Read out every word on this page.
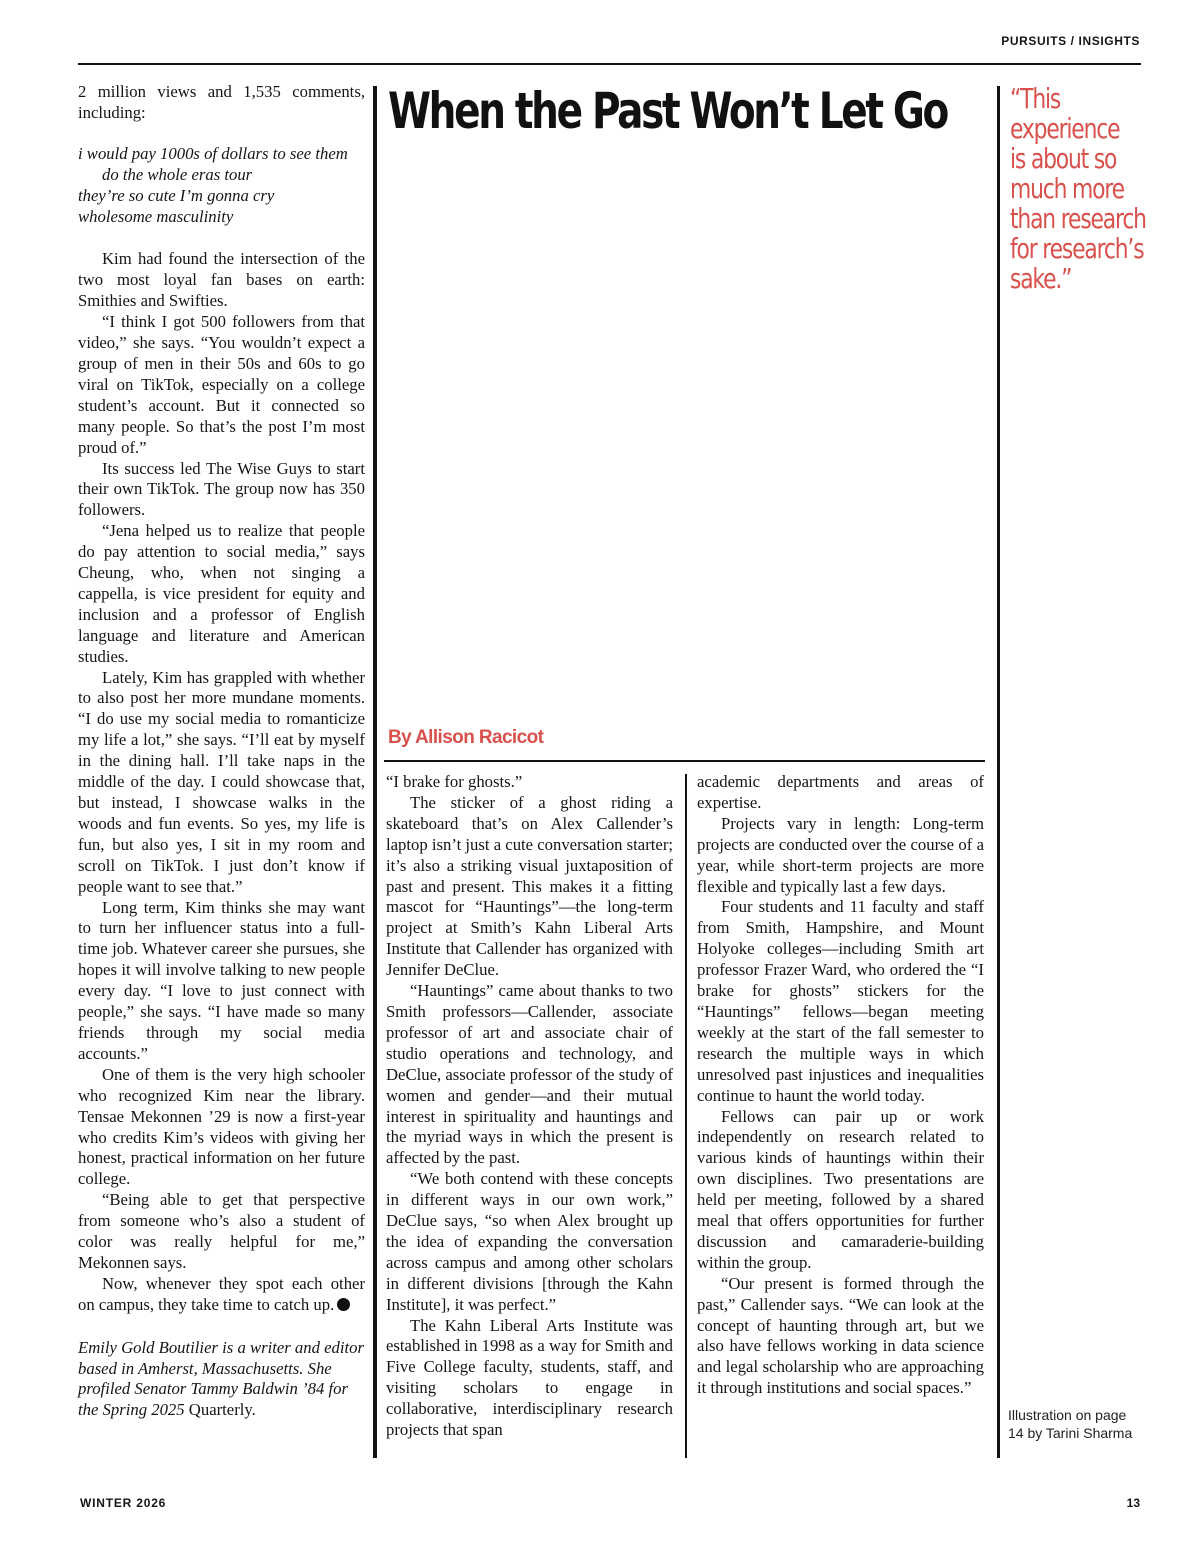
PURSUITS / INSIGHTS

2 million views and 1,535 comments, including:

i would pay 1000s of dollars to see them
do the whole eras tour
they’re so cute I’m gonna cry
wholesome masculinity

Kim had found the intersection of the two most loyal fan bases on earth: Smithies and Swifties.

“I think I got 500 followers from that video,” she says. “You wouldn’t expect a group of men in their 50s and 60s to go viral on TikTok, especially on a college student’s account. But it connected so many people. So that’s the post I’m most proud of.”

Its success led The Wise Guys to start their own TikTok. The group now has 350 followers.

“Jena helped us to realize that people do pay attention to social media,” says Cheung, who, when not singing a cappella, is vice president for equity and inclusion and a professor of English language and literature and American studies.

Lately, Kim has grappled with whether to also post her more mundane moments. “I do use my social media to romanticize my life a lot,” she says. “I’ll eat by myself in the dining hall. I’ll take naps in the middle of the day. I could showcase that, but instead, I showcase walks in the woods and fun events. So yes, my life is fun, but also yes, I sit in my room and scroll on TikTok. I just don’t know if people want to see that.”

Long term, Kim thinks she may want to turn her influencer status into a full-time job. Whatever career she pursues, she hopes it will involve talking to new people every day. “I love to just connect with people,” she says. “I have made so many friends through my social media accounts.”

One of them is the very high schooler who recognized Kim near the library. Tensae Mekonnen ’29 is now a first-year who credits Kim’s videos with giving her honest, practical information on her future college.

“Being able to get that perspective from someone who’s also a student of color was really helpful for me,” Mekonnen says.

Now, whenever they spot each other on campus, they take time to catch up.

Emily Gold Boutilier is a writer and editor based in Amherst, Massachusetts. She profiled Senator Tammy Baldwin ’84 for the Spring 2025 Quarterly.

When the Past Won’t Let Go
By Allison Racicot

“I brake for ghosts.”

The sticker of a ghost riding a skateboard that’s on Alex Callender’s laptop isn’t just a cute conversation starter; it’s also a striking visual juxtaposition of past and present. This makes it a fitting mascot for “Hauntings”—the long-term project at Smith’s Kahn Liberal Arts Institute that Callender has organized with Jennifer DeClue.

“Hauntings” came about thanks to two Smith professors—Callender, associate professor of art and associate chair of studio operations and technology, and DeClue, associate professor of the study of women and gender—and their mutual interest in spirituality and hauntings and the myriad ways in which the present is affected by the past.

“We both contend with these concepts in different ways in our own work,” DeClue says, “so when Alex brought up the idea of expanding the conversation across campus and among other scholars in different divisions [through the Kahn Institute], it was perfect.”

The Kahn Liberal Arts Institute was established in 1998 as a way for Smith and Five College faculty, students, staff, and visiting scholars to engage in collaborative, interdisciplinary research projects that span

academic departments and areas of expertise.

Projects vary in length: Long-term projects are conducted over the course of a year, while short-term projects are more flexible and typically last a few days.

Four students and 11 faculty and staff from Smith, Hampshire, and Mount Holyoke colleges—including Smith art professor Frazer Ward, who ordered the “I brake for ghosts” stickers for the “Hauntings” fellows—began meeting weekly at the start of the fall semester to research the multiple ways in which unresolved past injustices and inequalities continue to haunt the world today.

Fellows can pair up or work independently on research related to various kinds of hauntings within their own disciplines. Two presentations are held per meeting, followed by a shared meal that offers opportunities for further discussion and camaraderie-building within the group.

“Our present is formed through the past,” Callender says. “We can look at the concept of haunting through art, but we also have fellows working in data science and legal scholarship who are approaching it through institutions and social spaces.”

“This
experience
is about so
much more
than research
for research’s
sake.”
Illustration on page 14 by Tarini Sharma
WINTER 2026	13
